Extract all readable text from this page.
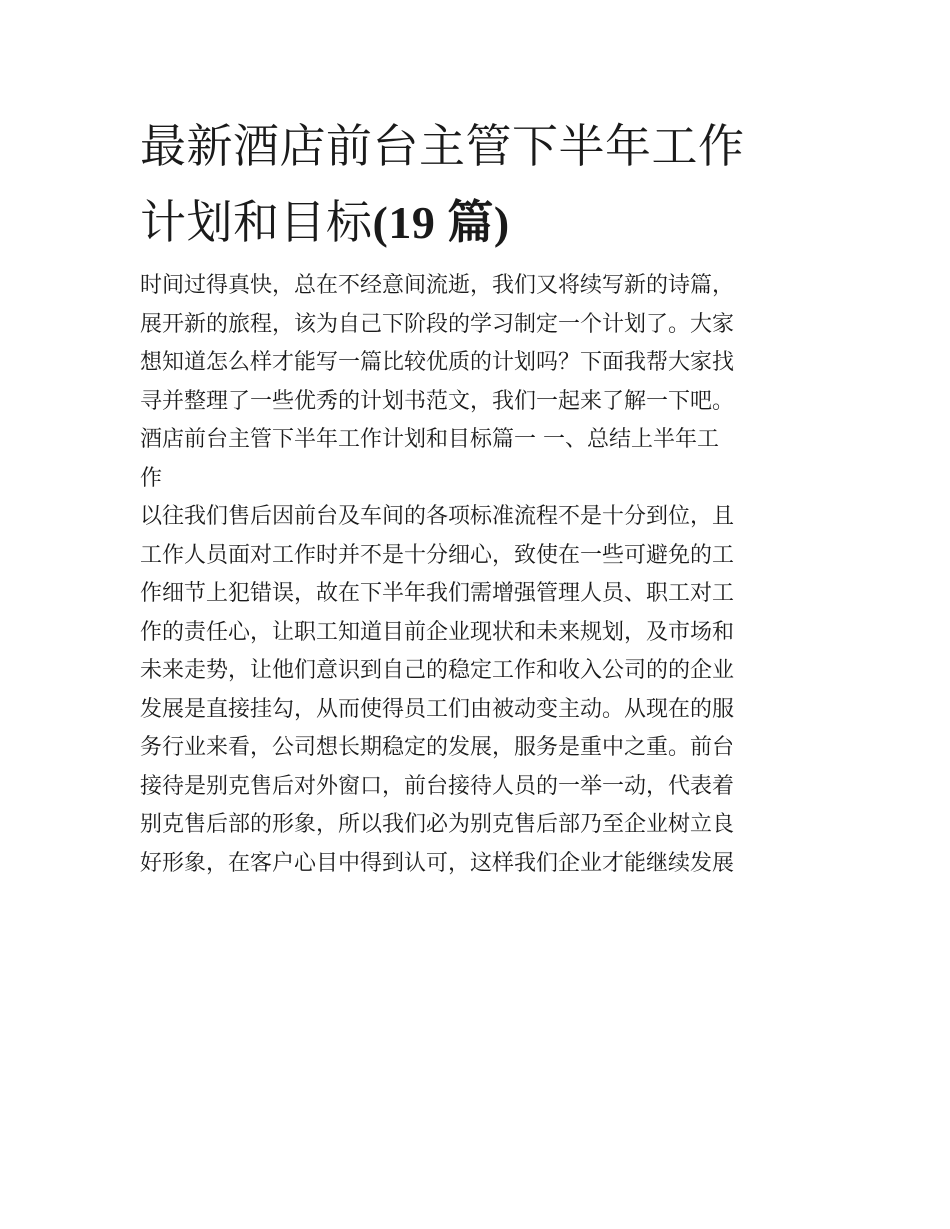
最新酒店前台主管下半年工作
计划和目标(19 篇)
时间过得真快，总在不经意间流逝，我们又将续写新的诗篇，
展开新的旅程，该为自己下阶段的学习制定一个计划了。大家
想知道怎么样才能写一篇比较优质的计划吗？下面我帮大家找
寻并整理了一些优秀的计划书范文，我们一起来了解一下吧。
酒店前台主管下半年工作计划和目标篇一 一、总结上半年工
作
以往我们售后因前台及车间的各项标准流程不是十分到位，且
工作人员面对工作时并不是十分细心，致使在一些可避免的工
作细节上犯错误，故在下半年我们需增强管理人员、职工对工
作的责任心，让职工知道目前企业现状和未来规划，及市场和
未来走势，让他们意识到自己的稳定工作和收入公司的的企业
发展是直接挂勾，从而使得员工们由被动变主动。从现在的服
务行业来看，公司想长期稳定的发展，服务是重中之重。前台
接待是别克售后对外窗口，前台接待人员的一举一动，代表着
别克售后部的形象，所以我们必为别克售后部乃至企业树立良
好形象，在客户心目中得到认可，这样我们企业才能继续发展
